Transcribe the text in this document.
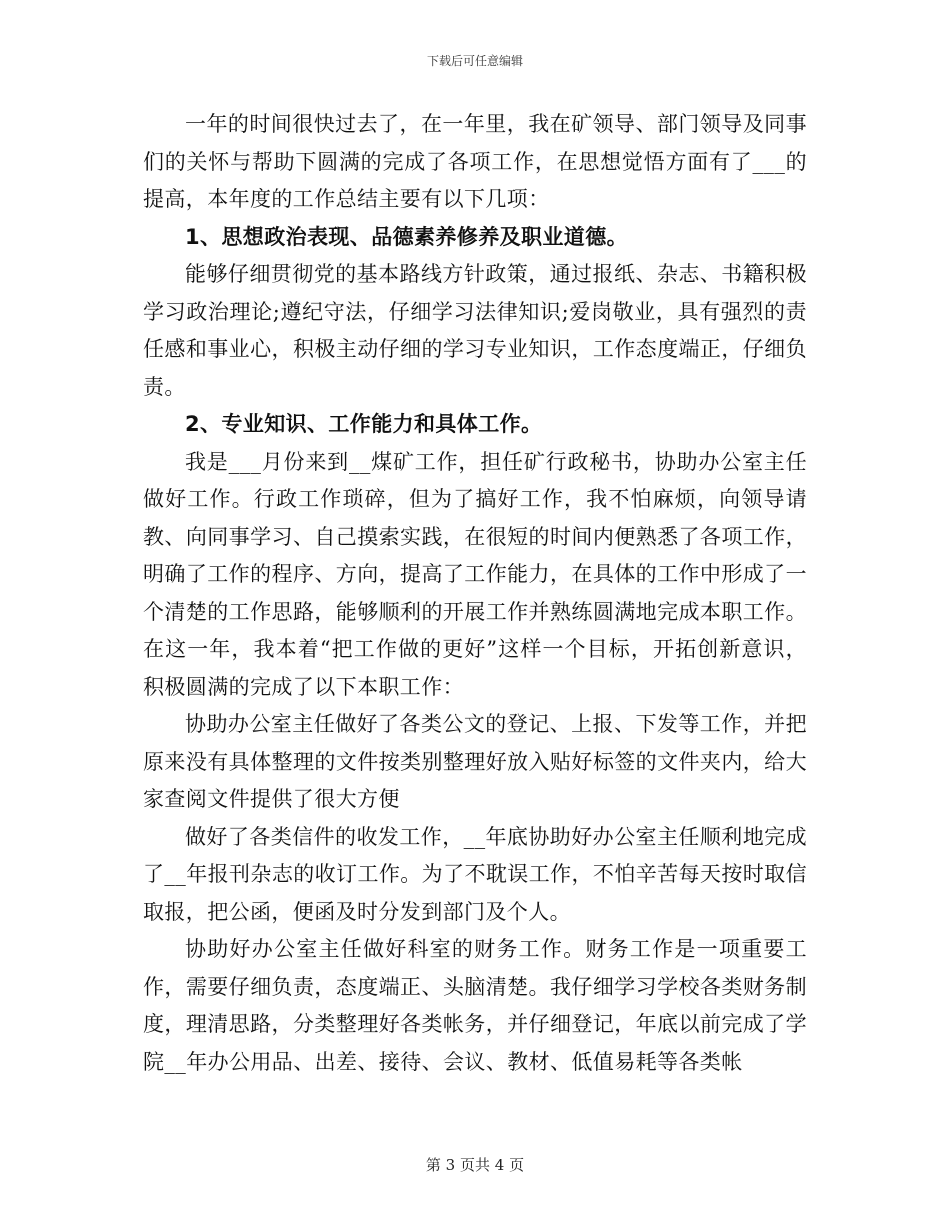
下载后可任意编辑

一年的时间很快过去了，在一年里，我在矿领导、部门领导及同事们的关怀与帮助下圆满的完成了各项工作，在思想觉悟方面有了___的提高，本年度的工作总结主要有以下几项：

1、思想政治表现、品德素养修养及职业道德。

能够仔细贯彻党的基本路线方针政策，通过报纸、杂志、书籍积极学习政治理论;遵纪守法，仔细学习法律知识;爱岗敬业，具有强烈的责任感和事业心，积极主动仔细的学习专业知识，工作态度端正，仔细负责。

2、专业知识、工作能力和具体工作。

我是___月份来到__煤矿工作，担任矿行政秘书，协助办公室主任做好工作。行政工作琐碎，但为了搞好工作，我不怕麻烦，向领导请教、向同事学习、自己摸索实践，在很短的时间内便熟悉了各项工作，明确了工作的程序、方向，提高了工作能力，在具体的工作中形成了一个清楚的工作思路，能够顺利的开展工作并熟练圆满地完成本职工作。在这一年，我本着“把工作做的更好”这样一个目标，开拓创新意识，积极圆满的完成了以下本职工作：

协助办公室主任做好了各类公文的登记、上报、下发等工作，并把原来没有具体整理的文件按类别整理好放入贴好标签的文件夹内，给大家查阅文件提供了很大方便

做好了各类信件的收发工作，__年底协助好办公室主任顺利地完成了__年报刊杂志的收订工作。为了不耽误工作，不怕辛苦每天按时取信取报，把公函，便函及时分发到部门及个人。

协助好办公室主任做好科室的财务工作。财务工作是一项重要工作，需要仔细负责，态度端正、头脑清楚。我仔细学习学校各类财务制度，理清思路，分类整理好各类帐务，并仔细登记，年底以前完成了学院__年办公用品、出差、接待、会议、教材、低值易耗等各类帐

第 3 页共 4 页
